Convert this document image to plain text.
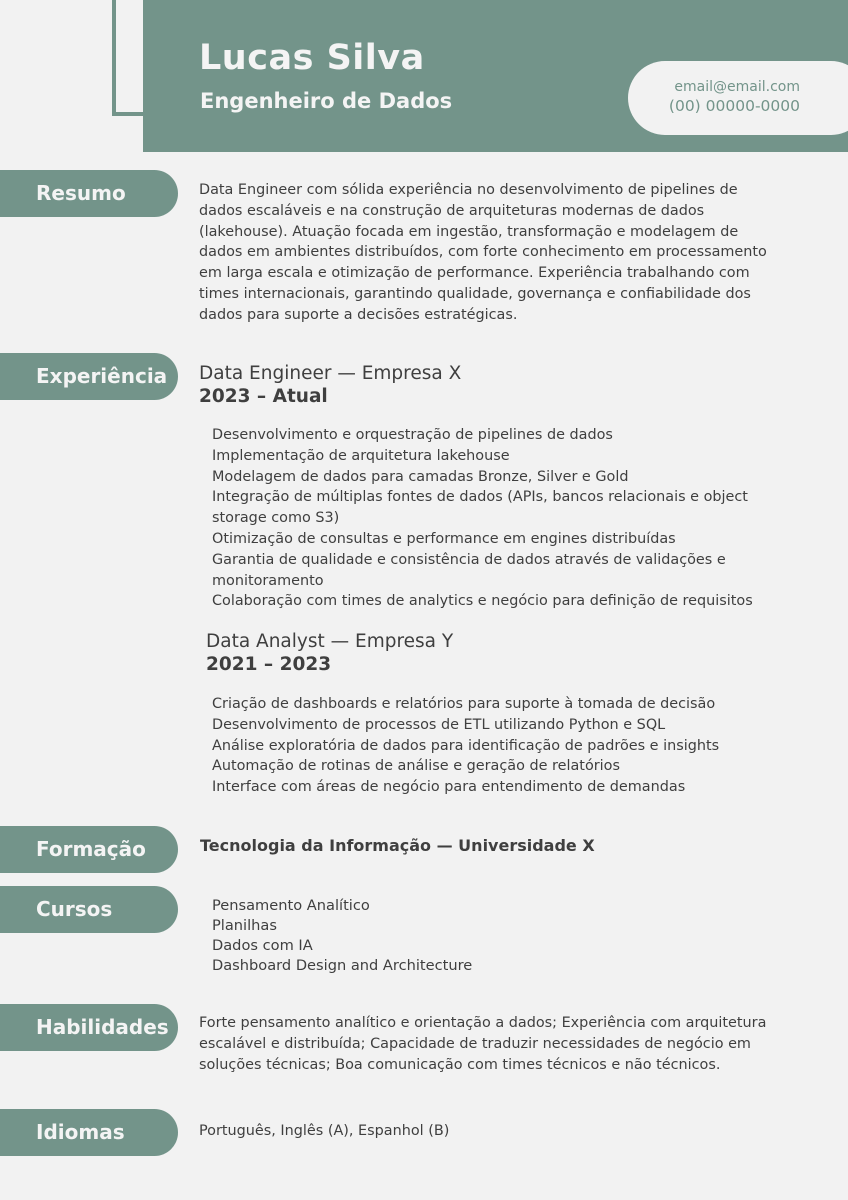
Lucas Silva
Engenheiro de Dados
email@email.com
(00) 00000-0000
Resumo	Data Engineer com sólida experiência no desenvolvimento de pipelines de dados escaláveis e na construção de arquiteturas modernas de dados (lakehouse). Atuação focada em ingestão, transformação e modelagem de dados em ambientes distribuídos, com forte conhecimento em processamento em larga escala e otimização de performance. Experiência trabalhando com times internacionais, garantindo qualidade, governança e confiabilidade dos dados para suporte a decisões estratégicas.
Experiência	Data Engineer — Empresa X
2023 – Atual
Desenvolvimento e orquestração de pipelines de dados
Implementação de arquitetura lakehouse
Modelagem de dados para camadas Bronze, Silver e Gold
Integração de múltiplas fontes de dados (APIs, bancos relacionais e object storage como S3)
Otimização de consultas e performance em engines distribuídas
Garantia de qualidade e consistência de dados através de validações e monitoramento
Colaboração com times de analytics e negócio para definição de requisitos
Data Analyst — Empresa Y
2021 – 2023
Criação de dashboards e relatórios para suporte à tomada de decisão
Desenvolvimento de processos de ETL utilizando Python e SQL
Análise exploratória de dados para identificação de padrões e insights
Automação de rotinas de análise e geração de relatórios
Interface com áreas de negócio para entendimento de demandas
Formação	Tecnologia da Informação — Universidade X
Cursos	Pensamento Analítico
Planilhas
Dados com IA
Dashboard Design and Architecture
Habilidades	Forte pensamento analítico e orientação a dados; Experiência com arquitetura escalável e distribuída; Capacidade de traduzir necessidades de negócio em soluções técnicas; Boa comunicação com times técnicos e não técnicos.
Idiomas	Português, Inglês (A), Espanhol (B)
